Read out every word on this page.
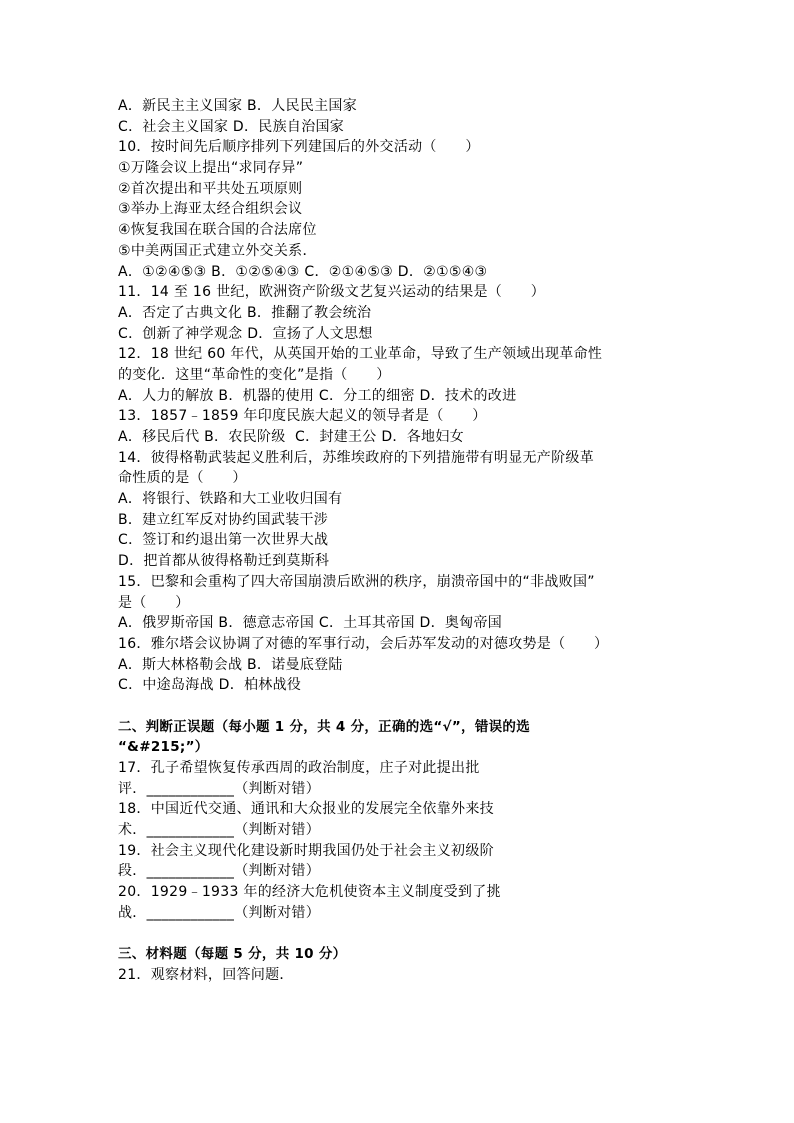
A．新民主主义国家 B．人民民主国家
C．社会主义国家 D．民族自治国家
10．按时间先后顺序排列下列建国后的外交活动（　　）
①万隆会议上提出“求同存异”
②首次提出和平共处五项原则
③举办上海亚太经合组织会议
④恢复我国在联合国的合法席位
⑤中美两国正式建立外交关系．
A．①②④⑤③ B．①②⑤④③ C．②①④⑤③ D．②①⑤④③
11．14 至 16 世纪，欧洲资产阶级文艺复兴运动的结果是（　　）
A．否定了古典文化 B．推翻了教会统治
C．创新了神学观念 D．宣扬了人文思想
12．18 世纪 60 年代，从英国开始的工业革命，导致了生产领域出现革命性
的变化．这里“革命性的变化”是指（　　）
A．人力的解放 B．机器的使用 C．分工的细密 D．技术的改进
13．1857﹣1859 年印度民族大起义的领导者是（　　）
A．移民后代 B．农民阶级  C．封建王公 D．各地妇女
14．彼得格勒武装起义胜利后，苏维埃政府的下列措施带有明显无产阶级革
命性质的是（　　）
A．将银行、铁路和大工业收归国有
B．建立红军反对协约国武装干涉
C．签订和约退出第一次世界大战
D．把首都从彼得格勒迁到莫斯科
15．巴黎和会重构了四大帝国崩溃后欧洲的秩序，崩溃帝国中的“非战败国”
是（　　）
A．俄罗斯帝国 B．德意志帝国 C．土耳其帝国 D．奥匈帝国
16．雅尔塔会议协调了对德的军事行动，会后苏军发动的对德攻势是（　　）
A．斯大林格勒会战 B．诺曼底登陆
C．中途岛海战 D．柏林战役
二、判断正误题（每小题 1 分，共 4 分，正确的选“√”，错误的选
“&#215;”）
17．孔子希望恢复传承西周的政治制度，庄子对此提出批
评．____________（判断对错）
18．中国近代交通、通讯和大众报业的发展完全依靠外来技
术．____________（判断对错）
19．社会主义现代化建设新时期我国仍处于社会主义初级阶
段．____________（判断对错）
20．1929﹣1933 年的经济大危机使资本主义制度受到了挑
战．____________（判断对错）
三、材料题（每题 5 分，共 10 分）
21．观察材料，回答问题．
